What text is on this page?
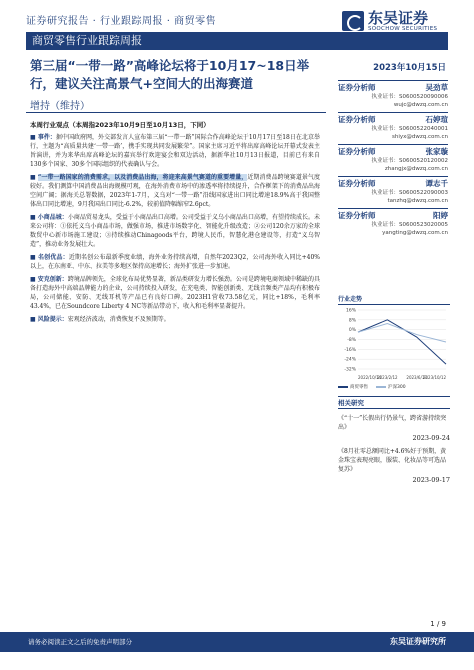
证券研究报告 · 行业跟踪周报 · 商贸零售	东吴证券
SOOCHOW SECURITIES
商贸零售行业跟踪周报
第三届“一带一路”高峰论坛将于10月17~18日举行，建议关注高景气+空间大的出海赛道
增持（维持）
2023年10月15日
证券分析师	吴劲草
执业证书：S0600520090006
wujc@dwzq.com.cn
证券分析师	石婷瑄
执业证书：S0600522040001
shiyx@dwzq.com.cn
证券分析师	张家璇
执业证书：S0600520120002
zhangjx@dwzq.com.cn
证券分析师	谭志千
执业证书：S0600522090003
tanzhq@dwzq.com.cn
证券分析师	阳婷
执业证书：S0600523020005
yangting@dwzq.com.cn
本周行业观点（本周指2023年10月9日至10月13日，下同）
■ 事件：据中国政府网，外交部发言人宣布第三届“一带一路”国际合作高峰论坛于10月17日至18日在北京举行，主题为“高质量共建‘一带一路’，携手实现共同发展繁荣”。国家主席习近平将出席高峰论坛开幕式发表主旨演讲，并为来华出席高峰论坛的嘉宾举行欢迎宴会和双边活动，据新华社10月13日报道，目前已有来自130多个国家、30多个国际组织的代表确认与会。
■ “一带一路国家的消费需求，以及消费品出海，将迎来高景气赛道的重要增量，近期消费品跨境赛道景气度较好。我们测算中国消费品出海规模可观，在海外消费市场中的渗透率将持续提升，合作框架下的消费品出海空间广阔；据海关总署数据，2023年1-7月，义乌对“一带一路”沿线国家进出口同比增速18.9%高于我国整体出口同比增速，9月我国出口同比-6.2%，较前值降幅缩窄2.6pct。
■ 小商品城：小商品贸易龙头，受益于小商品出口高增。公司受益于义乌小商品出口高增，有望持续成长。未来公司将：①依托义乌小商品市场，做强市场，推进市场数字化、智能化升级改造；②公司120余万家的全球数贸中心新市场施工建设；③持续推动Chinagoods平台，跨境人民币，智慧化港仓建设等，打造“义乌智造”，推动业务发展壮大。
■ 名创优品：近期名创公布最新季度业绩，海外业务持续高增，自然年2023Q2，公司海外收入同比+40%以上，在东南亚、中东、拉美等多地区保持高速增长；海外扩张进一步加速。
■ 安克创新：跨境品牌领先，全球化布局优势显著，新品类研发力增长强劲。公司是跨境电商领域中稀缺的具备打造海外中高端品牌能力的企业，公司持续投入研发，在充电类、智能创新类、无线音频类产品均有积极布局，公司储能、安防、无线耳机等产品已有良好口碑。2023H1营收73.58亿元，同比+18%，毛利率43.4%，已在Soundcore Liberty 4 NC等新品带动下，收入和毛利率显著提升。
■ 风险提示：宏观经济波动，消费恢复不及预期等。
行业走势
16%
8%
0%
-8%
-16%
-24%
-32%
2022/10/14
2023/2/12 2023/6/13
2023/10/12
商贸零售	沪深300
相关研究
《“十一”长假出行仍景气，跨省游持续突出》
2023-09-24
《8月社零总额同比+4.6%好于预期，黄金珠宝表现亮眼，服装、化妆品等可选品复苏》
2023-09-17
1 / 9
请务必阅读正文之后的免责声明部分	东吴证券研究所
